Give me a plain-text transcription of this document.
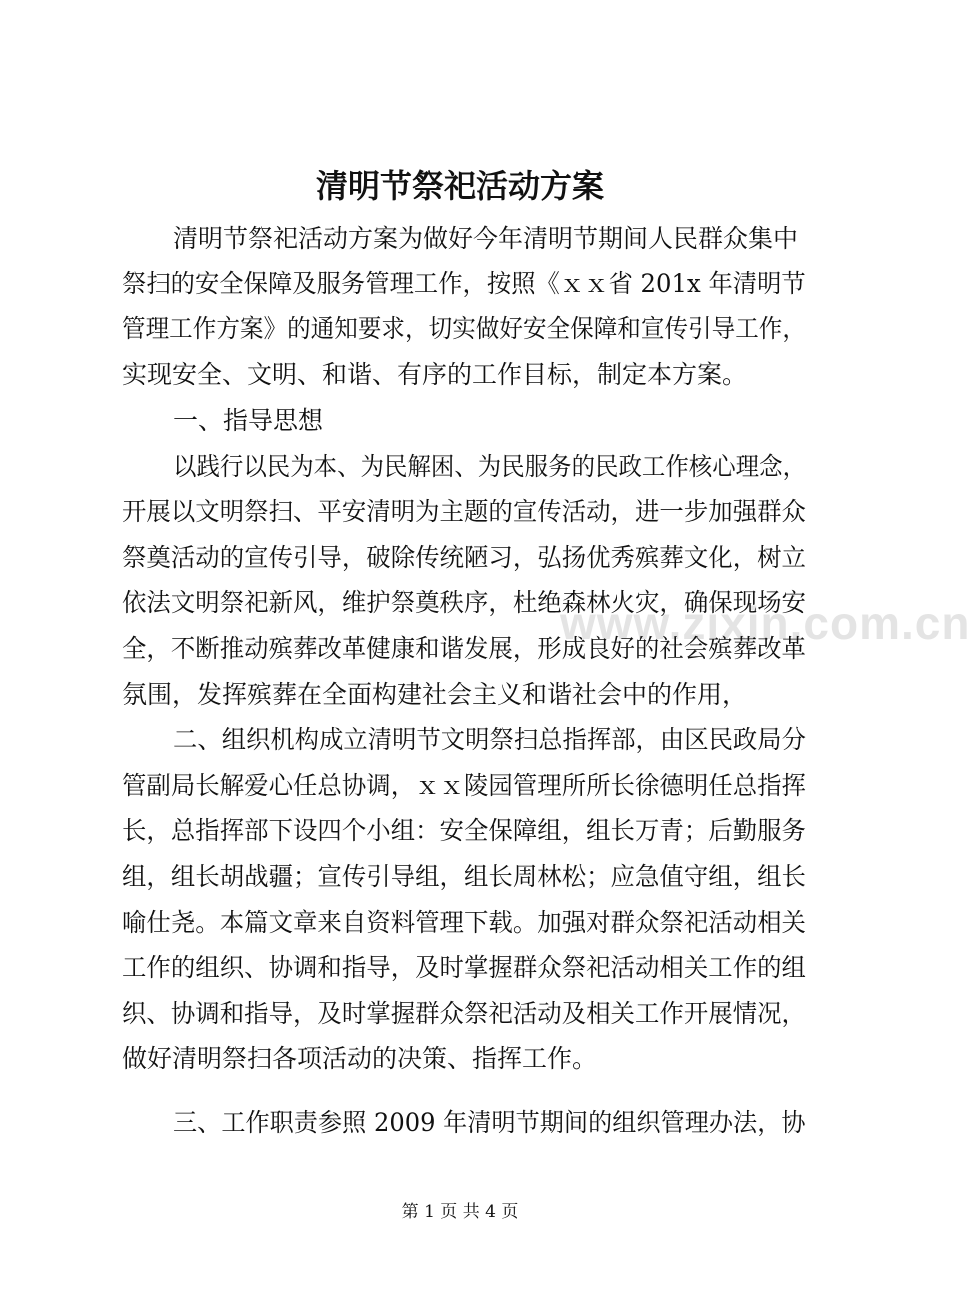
www.zixin.com.cn
清明节祭祀活动方案
清明节祭祀活动方案为做好今年清明节期间人民群众集中
祭扫的安全保障及服务管理工作，按照《ｘｘ省 201x 年清明节
管理工作方案》的通知要求，切实做好安全保障和宣传引导工作，
实现安全、文明、和谐、有序的工作目标，制定本方案。
一、指导思想
以践行以民为本、为民解困、为民服务的民政工作核心理念，
开展以文明祭扫、平安清明为主题的宣传活动，进一步加强群众
祭奠活动的宣传引导，破除传统陋习，弘扬优秀殡葬文化，树立
依法文明祭祀新风，维护祭奠秩序，杜绝森林火灾，确保现场安
全，不断推动殡葬改革健康和谐发展，形成良好的社会殡葬改革
氛围，发挥殡葬在全面构建社会主义和谐社会中的作用，
二、组织机构成立清明节文明祭扫总指挥部，由区民政局分
管副局长解爱心任总协调，ｘｘ陵园管理所所长徐德明任总指挥
长，总指挥部下设四个小组：安全保障组，组长万青；后勤服务
组，组长胡战疆；宣传引导组，组长周林松；应急值守组，组长
喻仕尧。本篇文章来自资料管理下载。加强对群众祭祀活动相关
工作的组织、协调和指导，及时掌握群众祭祀活动相关工作的组
织、协调和指导，及时掌握群众祭祀活动及相关工作开展情况，
做好清明祭扫各项活动的决策、指挥工作。
三、工作职责参照 2009 年清明节期间的组织管理办法，协
第 1 页 共 4 页
